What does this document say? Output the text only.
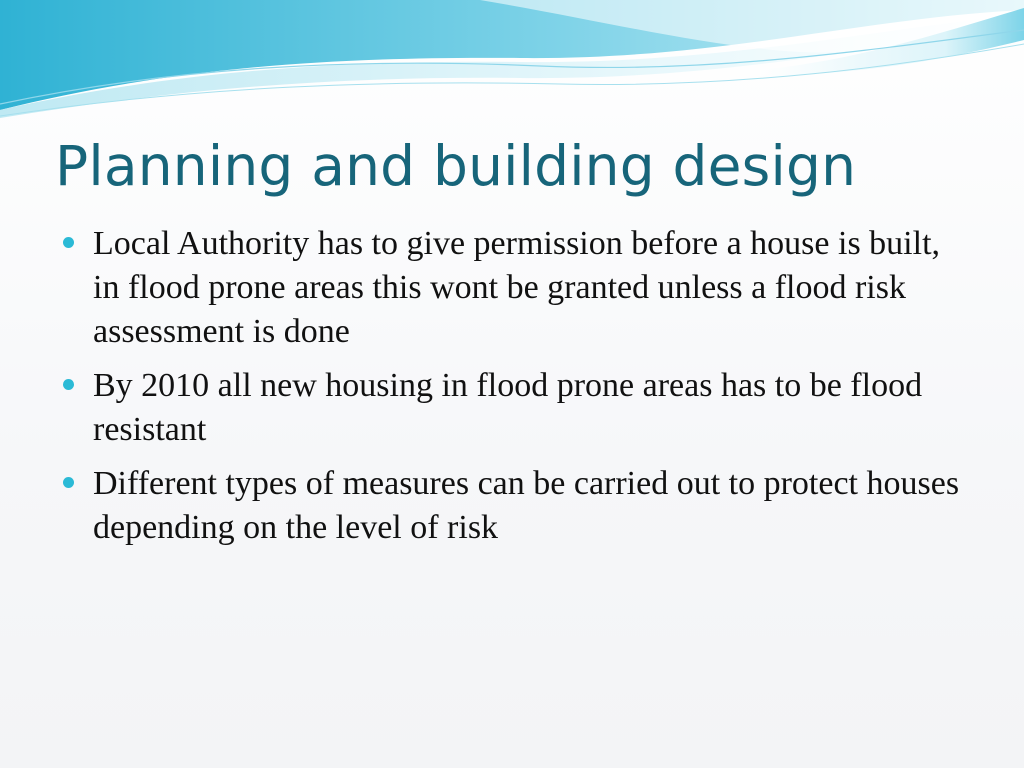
Planning and building design
Local Authority has to give permission before a house is built, in flood prone areas this wont be granted unless a flood risk assessment is done
By 2010 all new housing in flood prone areas has to be flood resistant
Different types of measures can be carried out to protect houses depending on the level of risk
